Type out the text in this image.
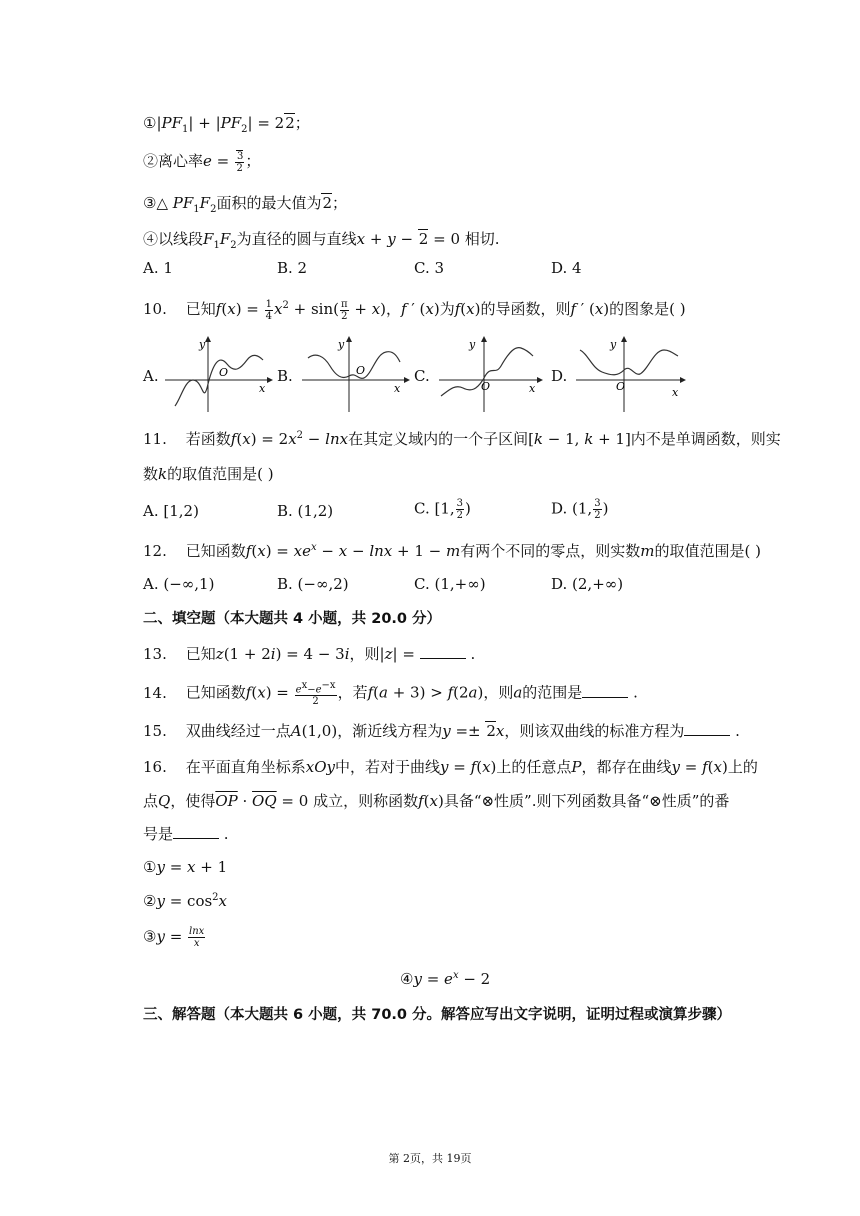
$①|PF_1| + |PF_2| = 22$；
②离心率$e = \frac{3}{2}$ ；
③△ $PF_1F_2$面积的最大值为2；
④以线段$F_1F_2$为直径的圆与直线x + y − 2 = 0 相切.
A. 1	B. 2	C. 3	D. 4
10. 已知$f(x) = \frac{1}{4} x^2 + \sin( \frac{\pi}{2} + x)$，f ′ (x)为f(x)的导函数，则f ′ (x)的图象是( )
A.	B.	C.	D.
y
O
x
y
O
x
y
O	x
y
O	x
11. 若函数$f(x) = 2x^2 - \ln x$在其定义域内的一个子区间[k − 1, k + 1]内不是单调函数，则实
数k的取值范围是( )
A. [1,2)	B. (1,2)	C. [1, $\frac{3}{2}$ )	D. (1, $\frac{3}{2}$ )
12. 已知函数$f(x) = xe^x - x - \ln x + 1 - m$有两个不同的零点，则实数m的取值范围是( )
A. (−∞,1)	B. (−∞,2)	C. (1,+∞)	D. (2,+∞)
二、填空题（本大题共 4 小题，共 20.0 分）
13. 已知z(1 + 2i) = 4 − 3i，则|z| =	.
14. 已知函数$f(x) = \frac{e^x-e^{-x}}{2}$ ，若f(a + 3) > f(2a)，则a的范围是	.
15. 双曲线经过一点A(1,0)，渐近线方程为y =± 2x，则该双曲线的标准方程为	.
16. 在平面直角坐标系xOy中，若对于曲线y = f(x)上的任意点P，都存在曲线y = f(x)上的
点Q，使得$\overline{OP} \cdot \overline{OQ} = 0$ 成立，则称函数f(x)具备“⊗性质”.则下列函数具备“⊗性质”的番
号是	.
①y = x + 1
②y = $\cos^2x$
③y = $\frac{\ln x}{x}$
④y = $e^x - 2$
三、解答题（本大题共 6 小题，共 70.0 分。解答应写出文字说明，证明过程或演算步骤）
第 2页，共 19页
